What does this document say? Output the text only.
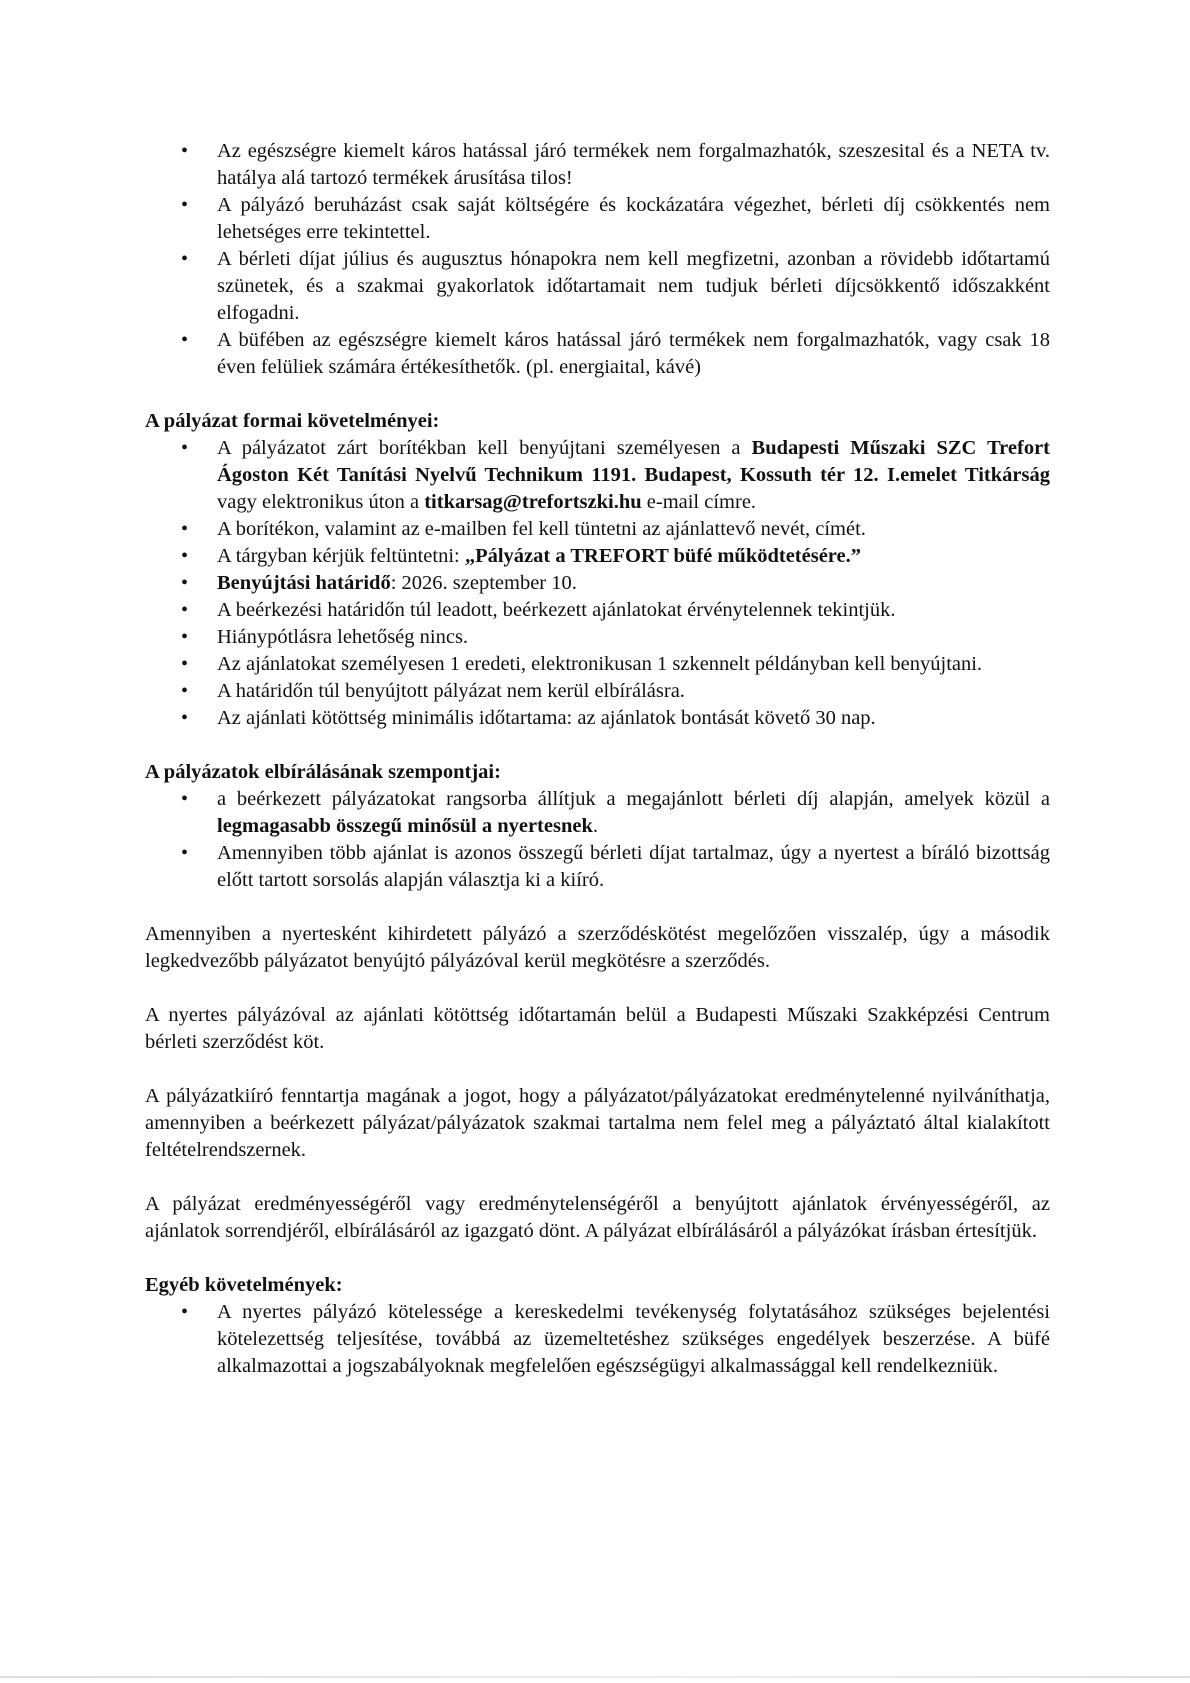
• Az egészségre kiemelt káros hatással járó termékek nem forgalmazhatók, szeszesital és a NETA tv. hatálya alá tartozó termékek árusítása tilos!
• A pályázó beruházást csak saját költségére és kockázatára végezhet, bérleti díj csökkentés nem lehetséges erre tekintettel.
• A bérleti díjat július és augusztus hónapokra nem kell megfizetni, azonban a rövidebb időtartamú szünetek, és a szakmai gyakorlatok időtartamait nem tudjuk bérleti díjcsökkentő időszakként elfogadni.
• A büfében az egészségre kiemelt káros hatással járó termékek nem forgalmazhatók, vagy csak 18 éven felüliek számára értékesíthetők. (pl. energiaital, kávé)
A pályázat formai követelményei:
• A pályázatot zárt borítékban kell benyújtani személyesen a Budapesti Műszaki SZC Trefort Ágoston Két Tanítási Nyelvű Technikum 1191. Budapest, Kossuth tér 12. I.emelet Titkárság vagy elektronikus úton a titkarsag@trefortszki.hu e-mail címre.
• A borítékon, valamint az e-mailben fel kell tüntetni az ajánlattevő nevét, címét.
• A tárgyban kérjük feltüntetni: „Pályázat a TREFORT büfé működtetésére.”
• Benyújtási határidő: 2026. szeptember 10.
• A beérkezési határidőn túl leadott, beérkezett ajánlatokat érvénytelennek tekintjük.
• Hiánypótlásra lehetőség nincs.
• Az ajánlatokat személyesen 1 eredeti, elektronikusan 1 szkennelt példányban kell benyújtani.
• A határidőn túl benyújtott pályázat nem kerül elbírálásra.
• Az ajánlati kötöttség minimális időtartama: az ajánlatok bontását követő 30 nap.
A pályázatok elbírálásának szempontjai:
• a beérkezett pályázatokat rangsorba állítjuk a megajánlott bérleti díj alapján, amelyek közül a legmagasabb összegű minősül a nyertesnek.
• Amennyiben több ajánlat is azonos összegű bérleti díjat tartalmaz, úgy a nyertest a bíráló bizottság előtt tartott sorsolás alapján választja ki a kiíró.

Amennyiben a nyertesként kihirdetett pályázó a szerződéskötést megelőzően visszalép, úgy a második legkedvezőbb pályázatot benyújtó pályázóval kerül megkötésre a szerződés.

A nyertes pályázóval az ajánlati kötöttség időtartamán belül a Budapesti Műszaki Szakképzési Centrum bérleti szerződést köt.

A pályázatkiíró fenntartja magának a jogot, hogy a pályázatot/pályázatokat eredménytelenné nyilváníthatja, amennyiben a beérkezett pályázat/pályázatok szakmai tartalma nem felel meg a pályáztató által kialakított feltételrendszernek.

A pályázat eredményességéről vagy eredménytelenségéről a benyújtott ajánlatok érvényességéről, az ajánlatok sorrendjéről, elbírálásáról az igazgató dönt. A pályázat elbírálásáról a pályázókat írásban értesítjük.

Egyéb követelmények:
• A nyertes pályázó kötelessége a kereskedelmi tevékenység folytatásához szükséges bejelentési kötelezettség teljesítése, továbbá az üzemeltetéshez szükséges engedélyek beszerzése. A büfé alkalmazottai a jogszabályoknak megfelelően egészségügyi alkalmassággal kell rendelkezniük.
